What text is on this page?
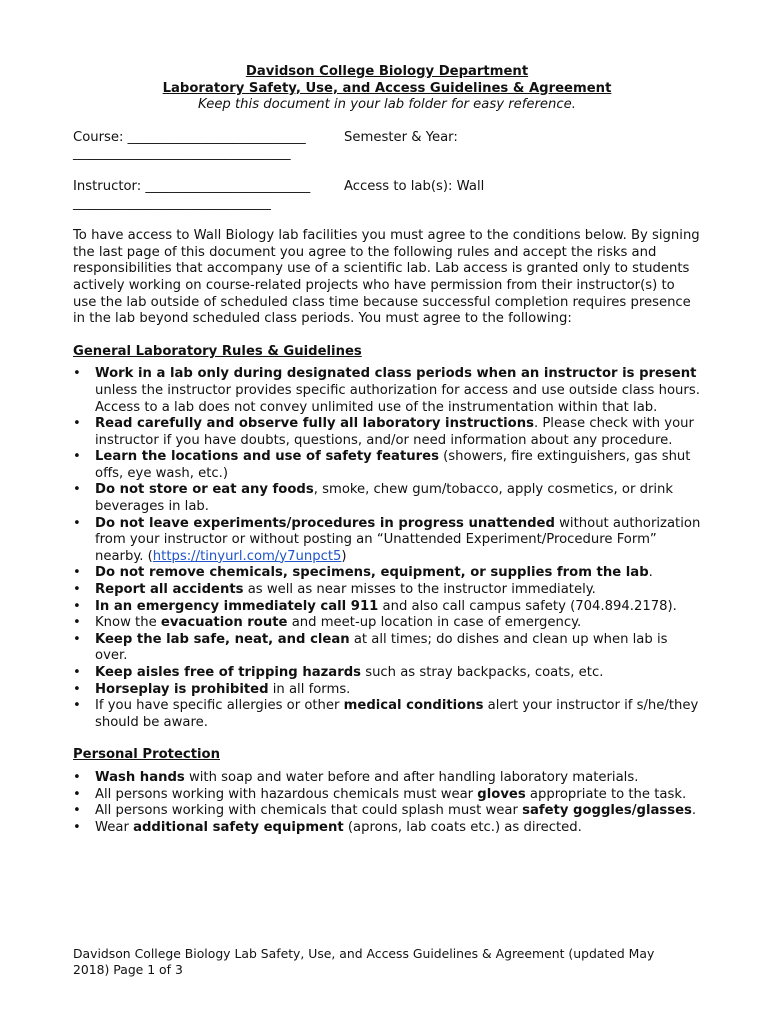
Davidson College Biology Department

Laboratory Safety, Use, and Access Guidelines & Agreement

Keep this document in your lab folder for easy reference.

Course: ___________________________	Semester & Year:
_________________________________
Instructor: _________________________	Access to lab(s): Wall
______________________________

To have access to Wall Biology lab facilities you must agree to the conditions below. By signing the last page of this document you agree to the following rules and accept the risks and responsibilities that accompany use of a scientific lab. Lab access is granted only to students actively working on course-related projects who have permission from their instructor(s) to use the lab outside of scheduled class time because successful completion requires presence in the lab beyond scheduled class periods. You must agree to the following:

General Laboratory Rules & Guidelines

• Work in a lab only during designated class periods when an instructor is present unless the instructor provides specific authorization for access and use outside class hours. Access to a lab does not convey unlimited use of the instrumentation within that lab.
• Read carefully and observe fully all laboratory instructions. Please check with your instructor if you have doubts, questions, and/or need information about any procedure.
• Learn the locations and use of safety features (showers, fire extinguishers, gas shut offs, eye wash, etc.)
• Do not store or eat any foods, smoke, chew gum/tobacco, apply cosmetics, or drink beverages in lab.
• Do not leave experiments/procedures in progress unattended without authorization from your instructor or without posting an “Unattended Experiment/Procedure Form” nearby. (https://tinyurl.com/y7unpct5)
• Do not remove chemicals, specimens, equipment, or supplies from the lab.
• Report all accidents as well as near misses to the instructor immediately.
• In an emergency immediately call 911 and also call campus safety (704.894.2178).
• Know the evacuation route and meet-up location in case of emergency.
• Keep the lab safe, neat, and clean at all times; do dishes and clean up when lab is over.
• Keep aisles free of tripping hazards such as stray backpacks, coats, etc.
• Horseplay is prohibited in all forms.
• If you have specific allergies or other medical conditions alert your instructor if s/he/they should be aware.

Personal Protection

• Wash hands with soap and water before and after handling laboratory materials.
• All persons working with hazardous chemicals must wear gloves appropriate to the task.
• All persons working with chemicals that could splash must wear safety goggles/glasses.
• Wear additional safety equipment (aprons, lab coats etc.) as directed.
Davidson College Biology Lab Safety, Use, and Access Guidelines & Agreement (updated May 2018) Page 1 of 3
